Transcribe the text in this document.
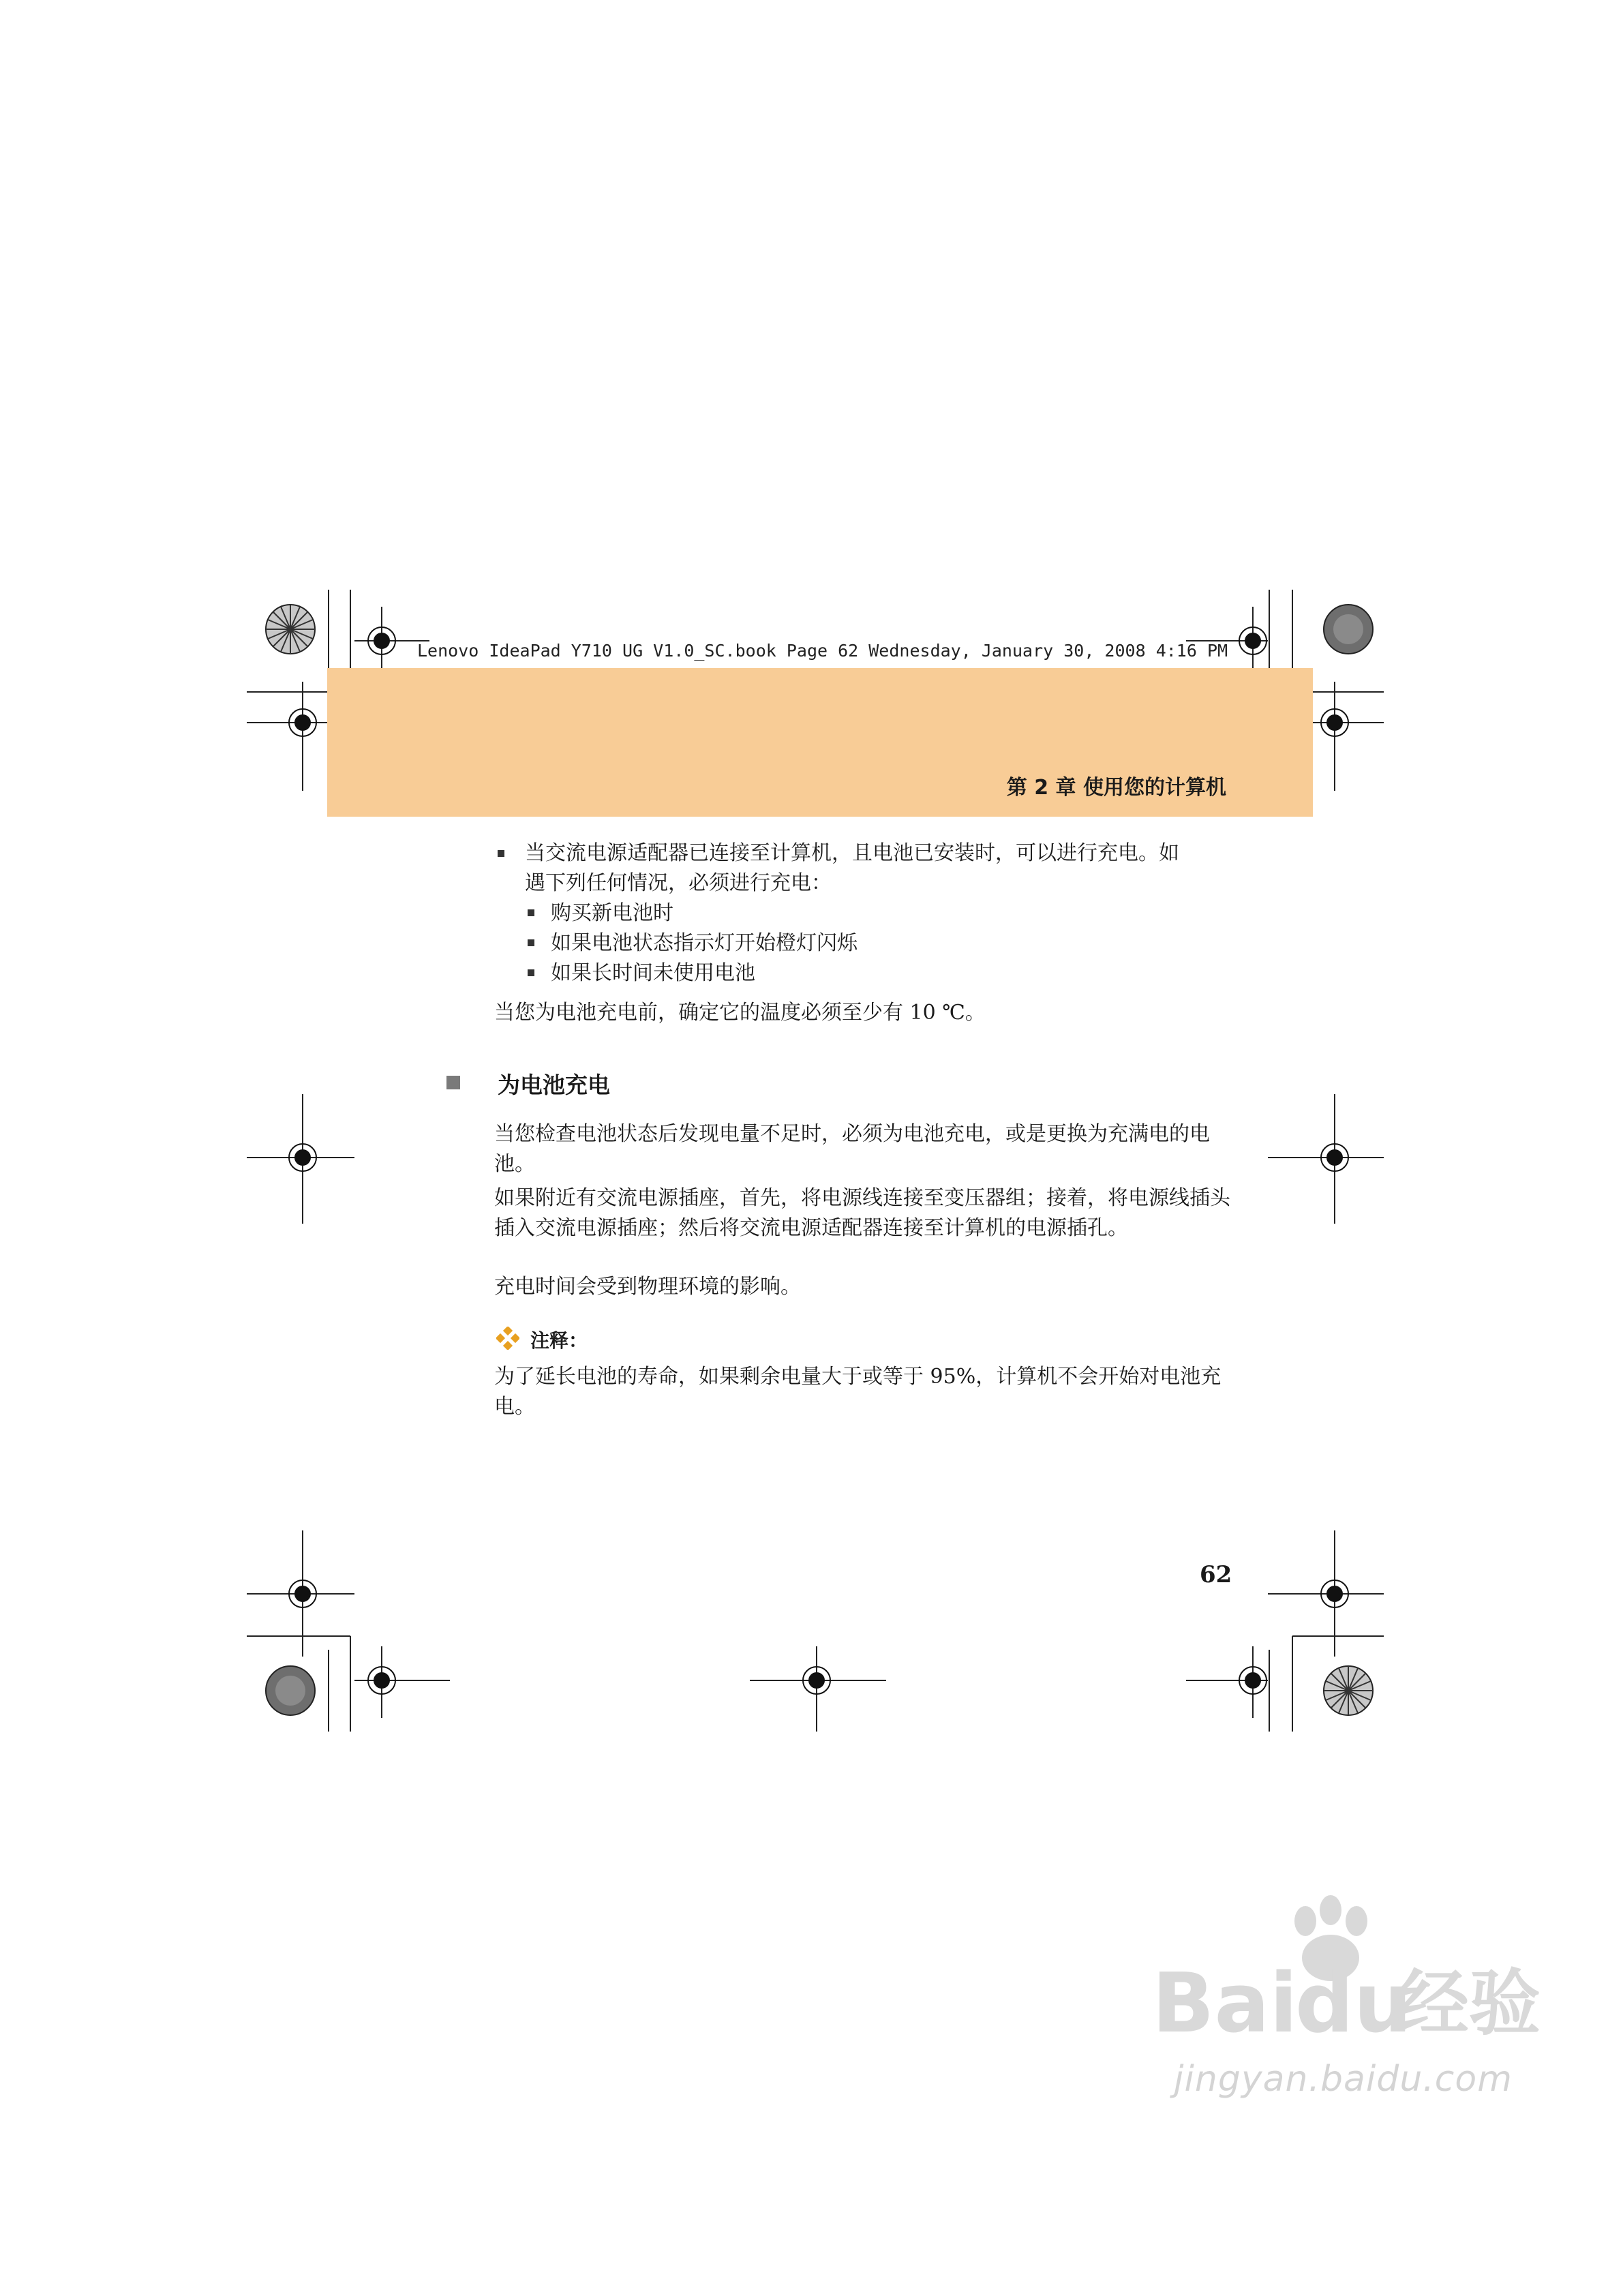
Lenovo IdeaPad Y710 UG V1.0_SC.book Page 62 Wednesday, January 30, 2008 4:16 PM
第 2 章 使用您的计算机
当交流电源适配器已连接至计算机，且电池已安装时，可以进行充电。如
遇下列任何情况，必须进行充电：
购买新电池时
如果电池状态指示灯开始橙灯闪烁
如果长时间未使用电池

当您为电池充电前，确定它的温度必须至少有 10 ℃。

为电池充电

当您检查电池状态后发现电量不足时，必须为电池充电，或是更换为充满电的电池。

如果附近有交流电源插座，首先，将电源线连接至变压器组；接着，将电源线插头插入交流电源插座；然后将交流电源适配器连接至计算机的电源插孔。

充电时间会受到物理环境的影响。

注释：

为了延长电池的寿命，如果剩余电量大于或等于 95%，计算机不会开始对电池充电。

62
Bai
du
经验
jingyan.baidu.com
